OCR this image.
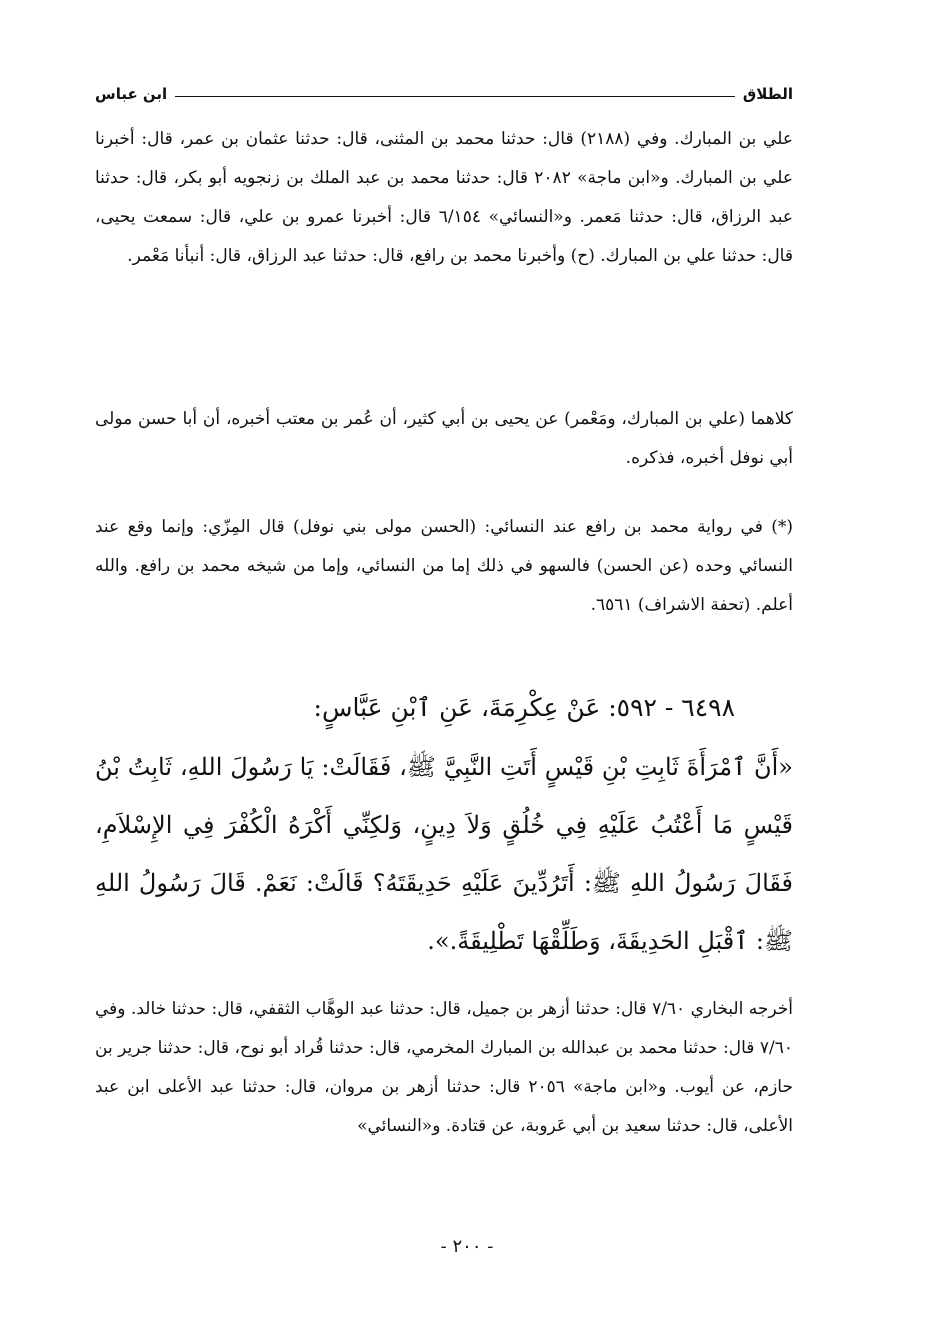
الطلاق
ابن عباس

علي بن المبارك. وفي (٢١٨٨) قال: حدثنا محمد بن المثنى، قال: حدثنا عثمان بن عمر، قال: أخبرنا علي بن المبارك. و«ابن ماجة» ٢٠٨٢ قال: حدثنا محمد بن عبد الملك بن زنجويه أبو بكر، قال: حدثنا عبد الرزاق، قال: حدثنا مَعمر. و«النسائي» ٦/١٥٤ قال: أخبرنا عمرو بن علي، قال: سمعت يحيى، قال: حدثنا علي بن المبارك. (ح) وأخبرنا محمد بن رافع، قال: حدثنا عبد الرزاق، قال: أنبأنا مَعْمر.

كلاهما (علي بن المبارك، ومَعْمر) عن يحيى بن أبي كثير، أن عُمر بن معتب أخبره، أن أبا حسن مولى أبي نوفل أخبره، فذكره.

(*) في رواية محمد بن رافع عند النسائي: (الحسن مولى بني نوفل) قال المِزّي: وإنما وقع عند النسائي وحده (عن الحسن) فالسهو في ذلك إما من النسائي، وإما من شيخه محمد بن رافع. والله أعلم. (تحفة الاشراف) ٦٥٦١.

٦٤٩٨ - ٥٩٢: عَنْ عِكْرِمَةَ، عَنِ ٱبْنِ عَبَّاسٍ:

«أَنَّ ٱمْرَأَةَ ثَابِتِ بْنِ قَيْسٍ أَتَتِ النَّبِيَّ ﷺ، فَقَالَتْ: يَا رَسُولَ اللهِ، ثَابِتُ بْنُ قَيْسٍ مَا أَعْتُبُ عَلَيْهِ فِي خُلُقٍ وَلاَ دِينٍ، وَلكِنِّي أَكْرَهُ الْكُفْرَ فِي الإِسْلاَمِ، فَقَالَ رَسُولُ اللهِ ﷺ: أَتَرُدِّينَ عَلَيْهِ حَدِيقَتَهُ؟ قَالَتْ: نَعَمْ. قَالَ رَسُولُ اللهِ ﷺ: ٱقْبَلِ الحَدِيقَةَ، وَطَلِّقْهَا تَطْلِيقَةً.».

أخرجه البخاري ٧/٦٠ قال: حدثنا أزهر بن جميل، قال: حدثنا عبد الوهَّاب الثقفي، قال: حدثنا خالد. وفي ٧/٦٠ قال: حدثنا محمد بن عبدالله بن المبارك المخرمي، قال: حدثنا قُراد أبو نوح، قال: حدثنا جرير بن حازم، عن أيوب. و«ابن ماجة» ٢٠٥٦ قال: حدثنا أزهر بن مروان، قال: حدثنا عبد الأعلى ابن عبد الأعلى، قال: حدثنا سعيد بن أبي عَروبة، عن قتادة. و«النسائي»

- ٢٠٠ -
